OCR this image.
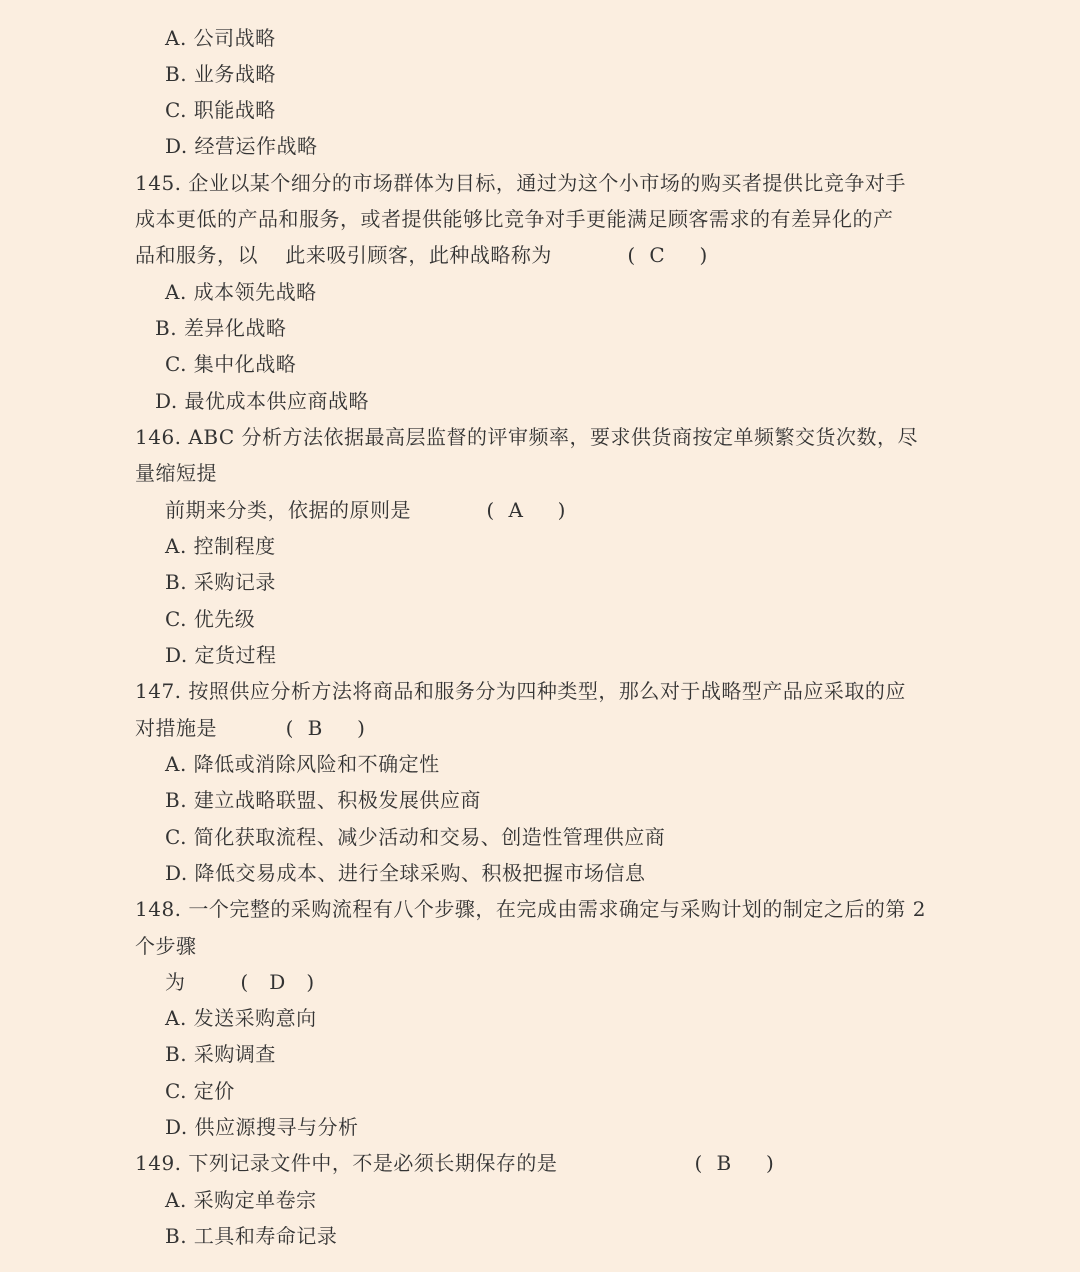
A. 公司战略
B. 业务战略
C. 职能战略
D. 经营运作战略
145. 企业以某个细分的市场群体为目标，通过为这个小市场的购买者提供比竞争对手
成本更低的产品和服务，或者提供能够比竞争对手更能满足顾客需求的有差异化的产
品和服务，以    此来吸引顾客，此种战略称为           (  C     )
A. 成本领先战略
B. 差异化战略
C. 集中化战略
D. 最优成本供应商战略
146. ABC 分析方法依据最高层监督的评审频率，要求供货商按定单频繁交货次数，尽
量缩短提
前期来分类，依据的原则是           (  A     )
A. 控制程度
B. 采购记录
C. 优先级
D. 定货过程
147. 按照供应分析方法将商品和服务分为四种类型，那么对于战略型产品应采取的应
对措施是          (  B     )
A. 降低或消除风险和不确定性
B. 建立战略联盟、积极发展供应商
C. 简化获取流程、减少活动和交易、创造性管理供应商
D. 降低交易成本、进行全球采购、积极把握市场信息
148. 一个完整的采购流程有八个步骤，在完成由需求确定与采购计划的制定之后的第 2
个步骤
为        (   D   )
A. 发送采购意向
B. 采购调查
C. 定价
D. 供应源搜寻与分析
149. 下列记录文件中，不是必须长期保存的是                    (  B     )
A. 采购定单卷宗
B. 工具和寿命记录
